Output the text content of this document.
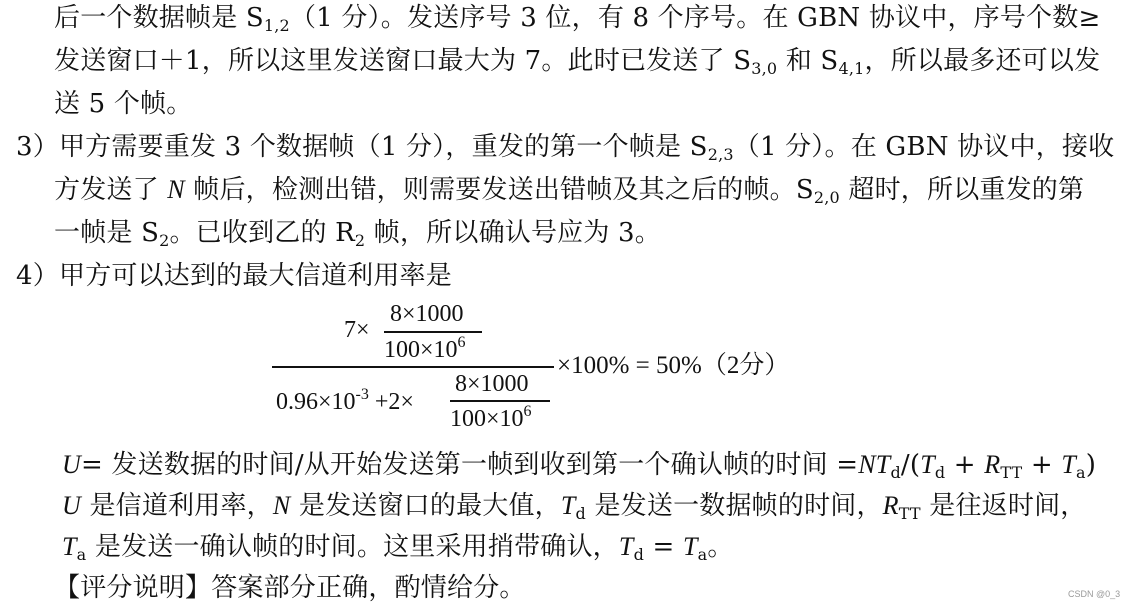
后一个数据帧是 $S_{1,2}(1$ 分）。发送序号 3 位，有 8 个序号。在 GBN 协议中，序号个数≥
发送窗口＋1，所以这里发送窗口最大为 7。此时已发送了 $S_{3,0}$ 和 $S_{4,1}$，所以最多还可以发
送 5 个帧。
3）甲方需要重发 3 个数据帧（1 分），重发的第一个帧是 $S_{2,3}(1$ 分）。在 GBN 协议中，接收
方发送了 N 帧后，检测出错，则需要发送出错帧及其之后的帧。$S_{2,0}$ 超时，所以重发的第
一帧是 $S_2$。已收到乙的 $R_2$ 帧，所以确认号应为 3。
4）甲方可以达到的最大信道利用率是
7×
8×1000
$100\times 10^6$
$0.96\times 10^{-3} +2\times$
8×1000
$100\times 10^6$
×100% = 50%（2分）
U= 发送数据的时间/从开始发送第一帧到收到第一个确认帧的时间 $=NT_d/(T_d + R_{TT} + T_a)$
U 是信道利用率，N 是发送窗口的最大值，$T_d$ 是发送一数据帧的时间，$R_{TT}$ 是往返时间，
$T_a$ 是发送一确认帧的时间。这里采用捎带确认，$T_d = T_a$。
【评分说明】答案部分正确，酌情给分。	CSDN @0_3
